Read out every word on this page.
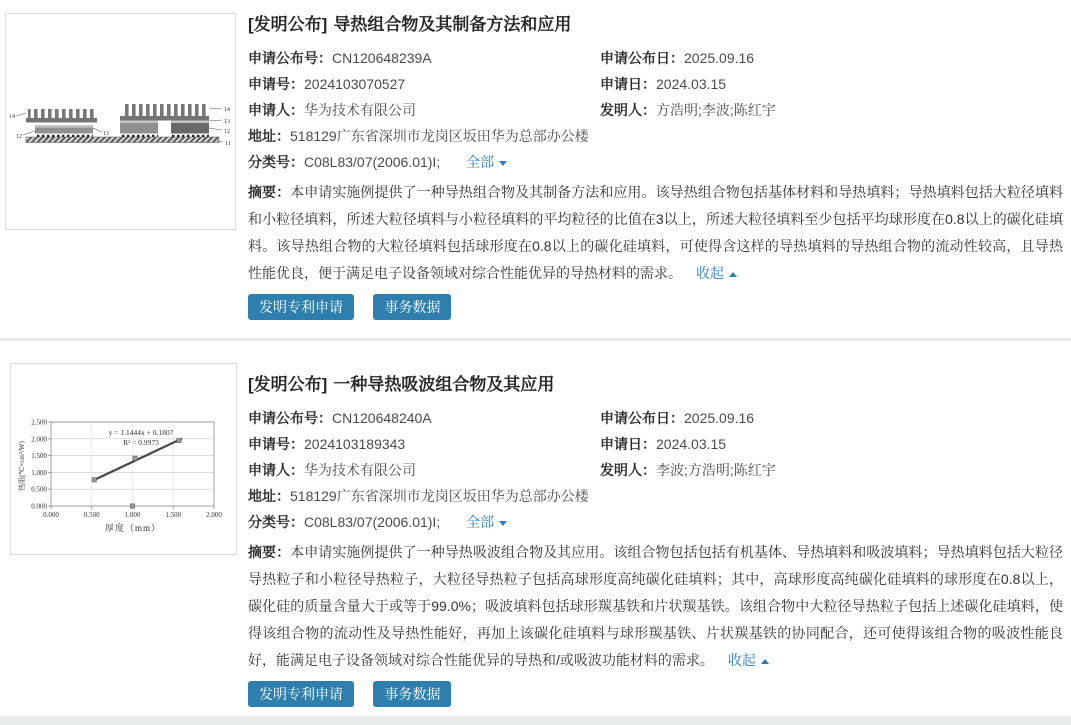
14
12	13
14
13
12
11
[发明公布] 导热组合物及其制备方法和应用
申请公布号：CN120648239A	申请公布日：2025.09.16
申请号：2024103070527	申请日：2024.03.15
申请人：华为技术有限公司	发明人：方浩明;李波;陈红宇
地址：518129广东省深圳市龙岗区坂田华为总部办公楼
分类号：C08L83/07(2006.01)I; 全部
摘要：本申请实施例提供了一种导热组合物及其制备方法和应用。该导热组合物包括基体材料和导热填料；导热填料包括大粒径填料和小粒径填料，所述大粒径填料与小粒径填料的平均粒径的比值在3以上，所述大粒径填料至少包括平均球形度在0.8以上的碳化硅填料。该导热组合物的大粒径填料包括球形度在0.8以上的碳化硅填料，可使得含这样的导热填料的导热组合物的流动性较高，且导热性能优良，便于满足电子设备领域对综合性能优异的导热材料的需求。 收起
发明专利申请	事务数据
y = 1.1444x + 0.1807
R² = 0.9973
0.000
0.500
1.000
1.500
2.000
2.500
0.000	0.500	1.000	1.500	2.000
厚度（mm）
热阻(℃×cm²/W)
[发明公布] 一种导热吸波组合物及其应用
申请公布号：CN120648240A	申请公布日：2025.09.16
申请号：2024103189343	申请日：2024.03.15
申请人：华为技术有限公司	发明人：李波;方浩明;陈红宇
地址：518129广东省深圳市龙岗区坂田华为总部办公楼
分类号：C08L83/07(2006.01)I; 全部
摘要：本申请实施例提供了一种导热吸波组合物及其应用。该组合物包括包括有机基体、导热填料和吸波填料；导热填料包括大粒径导热粒子和小粒径导热粒子，大粒径导热粒子包括高球形度高纯碳化硅填料；其中，高球形度高纯碳化硅填料的球形度在0.8以上，碳化硅的质量含量大于或等于99.0%；吸波填料包括球形羰基铁和片状羰基铁。该组合物中大粒径导热粒子包括上述碳化硅填料，使得该组合物的流动性及导热性能好，再加上该碳化硅填料与球形羰基铁、片状羰基铁的协同配合，还可使得该组合物的吸波性能良好，能满足电子设备领域对综合性能优异的导热和/或吸波功能材料的需求。 收起
发明专利申请	事务数据
